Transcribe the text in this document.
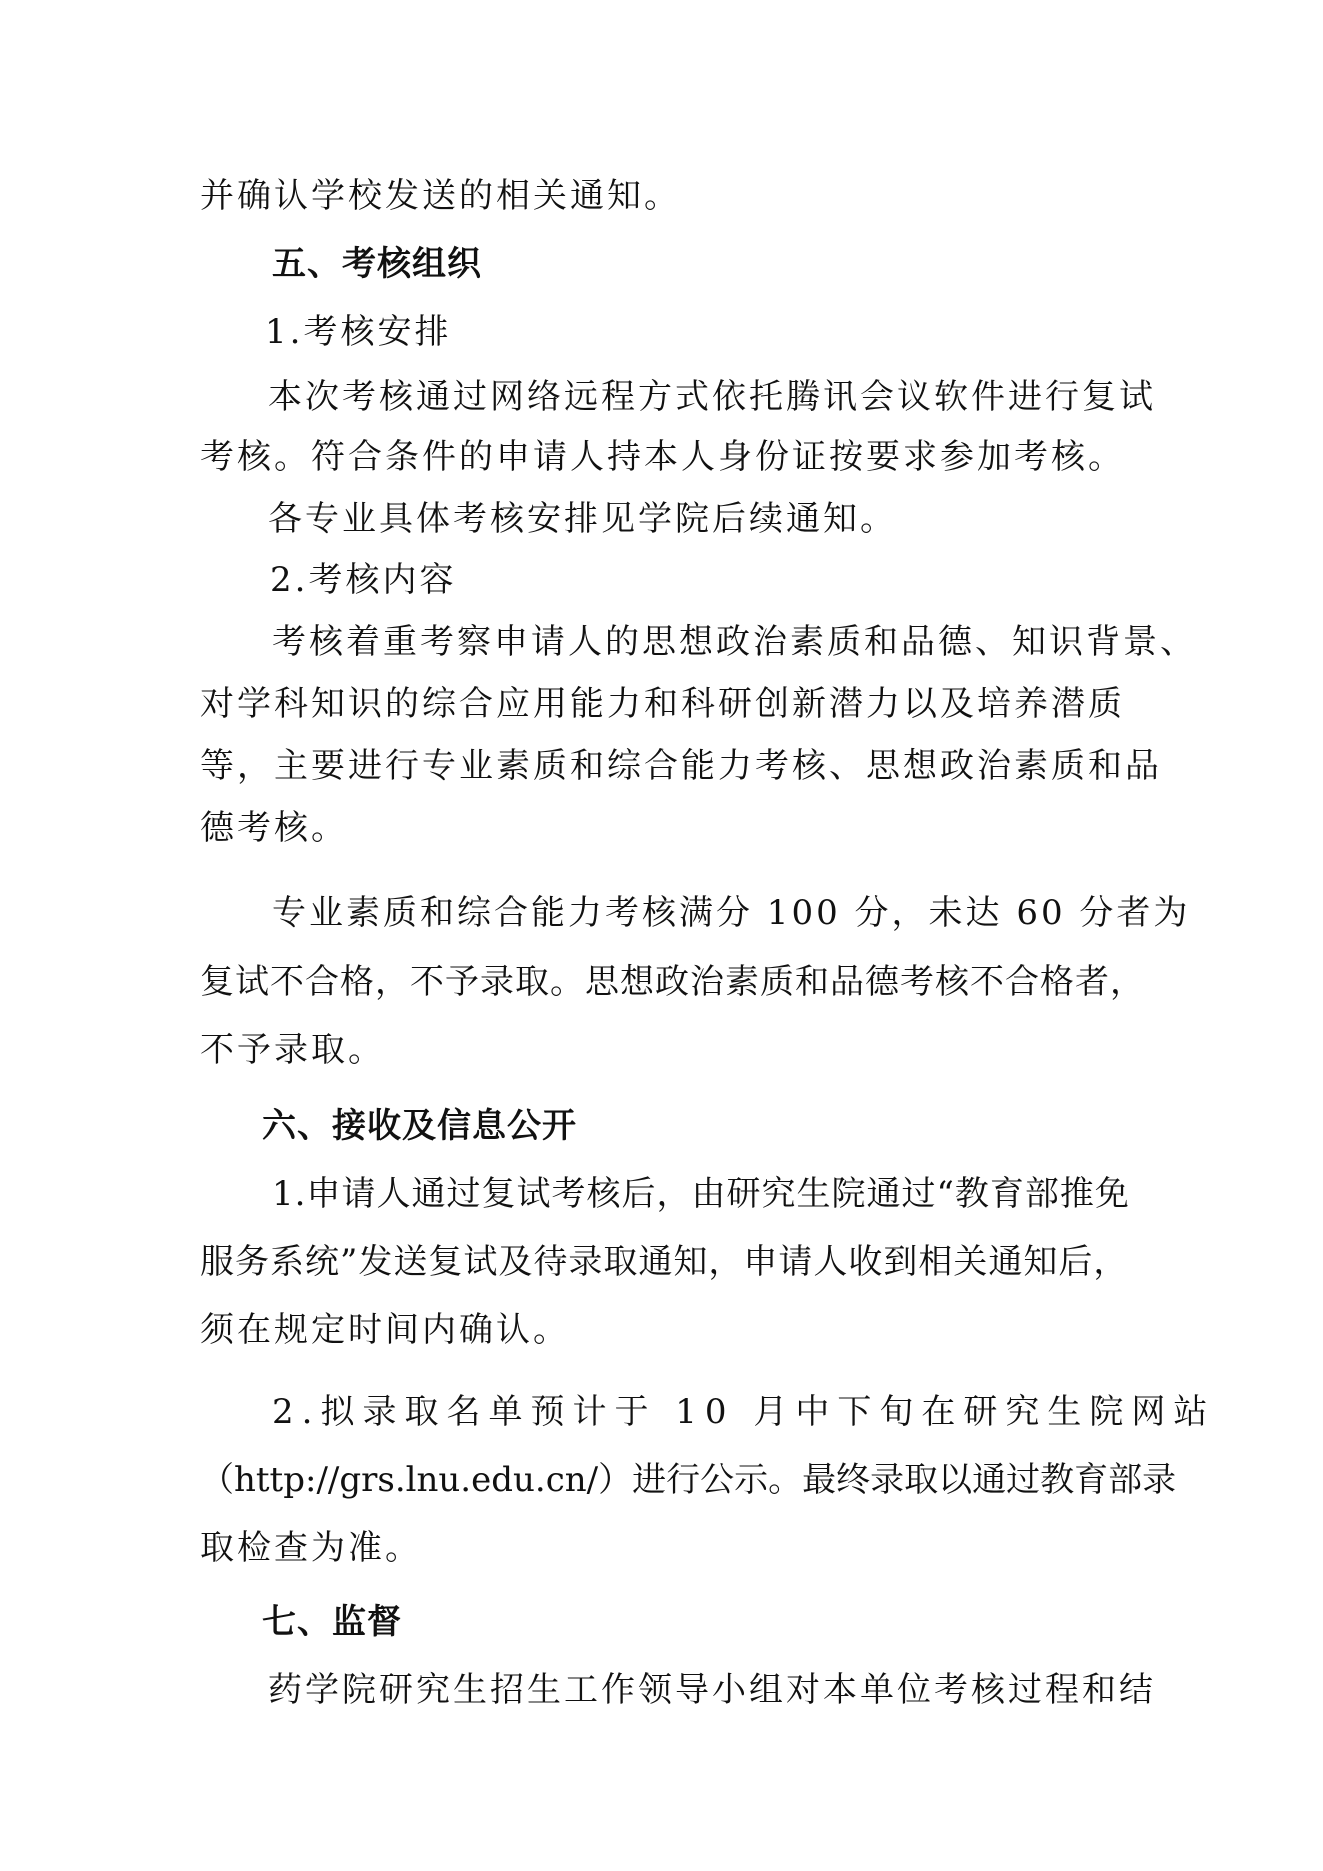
并确认学校发送的相关通知。

五、考核组织

1.考核安排

本次考核通过网络远程方式依托腾讯会议软件进行复试

考核。符合条件的申请人持本人身份证按要求参加考核。

各专业具体考核安排见学院后续通知。

2.考核内容

考核着重考察申请人的思想政治素质和品德、知识背景、

对学科知识的综合应用能力和科研创新潜力以及培养潜质

等，主要进行专业素质和综合能力考核、思想政治素质和品

德考核。

专业素质和综合能力考核满分 100 分，未达 60 分者为

复试不合格，不予录取。思想政治素质和品德考核不合格者，

不予录取。

六、接收及信息公开

1.申请人通过复试考核后，由研究生院通过“教育部推免

服务系统”发送复试及待录取通知，申请人收到相关通知后，

须在规定时间内确认。

2.拟录取名单预计于 10 月中下旬在研究生院网站

（http://grs.lnu.edu.cn/）进行公示。最终录取以通过教育部录

取检查为准。

七、监督

药学院研究生招生工作领导小组对本单位考核过程和结
